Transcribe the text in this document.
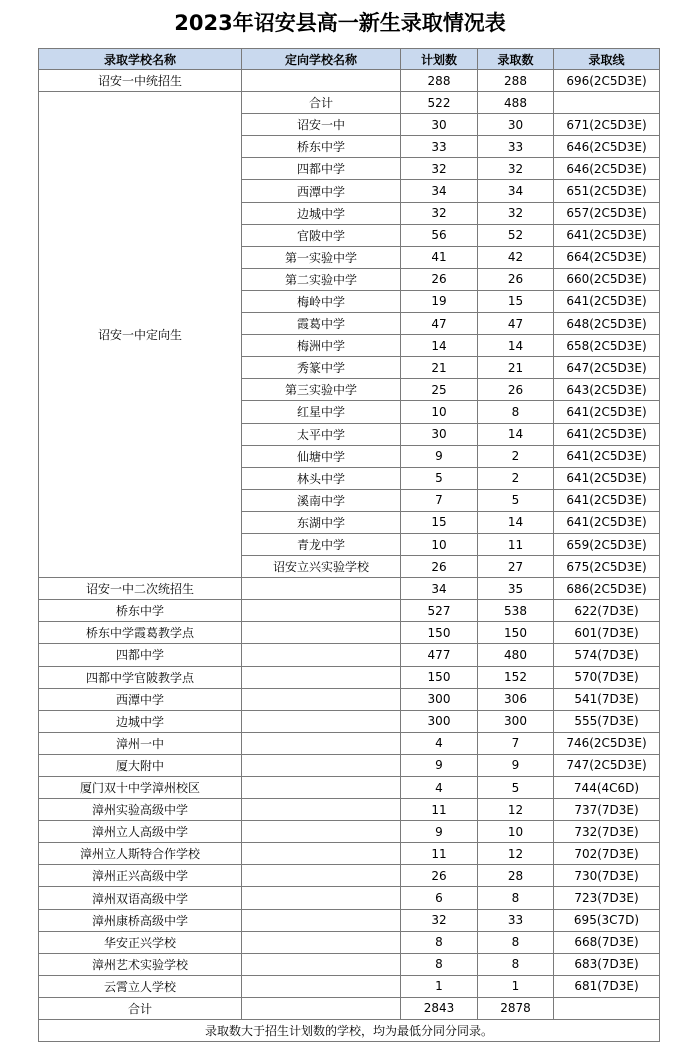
2023年诏安县高一新生录取情况表
录取学校名称	定向学校名称	计划数	录取数	录取线
诏安一中统招生		288	288	696(2C5D3E)
诏安一中定向生	合计	522	488	
	诏安一中	30	30	671(2C5D3E)
	桥东中学	33	33	646(2C5D3E)
	四都中学	32	32	646(2C5D3E)
	西潭中学	34	34	651(2C5D3E)
	边城中学	32	32	657(2C5D3E)
	官陂中学	56	52	641(2C5D3E)
	第一实验中学	41	42	664(2C5D3E)
	第二实验中学	26	26	660(2C5D3E)
	梅岭中学	19	15	641(2C5D3E)
	霞葛中学	47	47	648(2C5D3E)
	梅洲中学	14	14	658(2C5D3E)
	秀篆中学	21	21	647(2C5D3E)
	第三实验中学	25	26	643(2C5D3E)
	红星中学	10	8	641(2C5D3E)
	太平中学	30	14	641(2C5D3E)
	仙塘中学	9	2	641(2C5D3E)
	林头中学	5	2	641(2C5D3E)
	溪南中学	7	5	641(2C5D3E)
	东湖中学	15	14	641(2C5D3E)
	青龙中学	10	11	659(2C5D3E)
	诏安立兴实验学校	26	27	675(2C5D3E)
诏安一中二次统招生		34	35	686(2C5D3E)
桥东中学		527	538	622(7D3E)
桥东中学霞葛教学点		150	150	601(7D3E)
四都中学		477	480	574(7D3E)
四都中学官陂教学点		150	152	570(7D3E)
西潭中学		300	306	541(7D3E)
边城中学		300	300	555(7D3E)
漳州一中		4	7	746(2C5D3E)
厦大附中		9	9	747(2C5D3E)
厦门双十中学漳州校区		4	5	744(4C6D)
漳州实验高级中学		11	12	737(7D3E)
漳州立人高级中学		9	10	732(7D3E)
漳州立人斯特合作学校		11	12	702(7D3E)
漳州正兴高级中学		26	28	730(7D3E)
漳州双语高级中学		6	8	723(7D3E)
漳州康桥高级中学		32	33	695(3C7D)
华安正兴学校		8	8	668(7D3E)
漳州艺术实验学校		8	8	683(7D3E)
云霄立人学校		1	1	681(7D3E)
合计		2843	2878	
录取数大于招生计划数的学校，均为最低分同分同录。				
